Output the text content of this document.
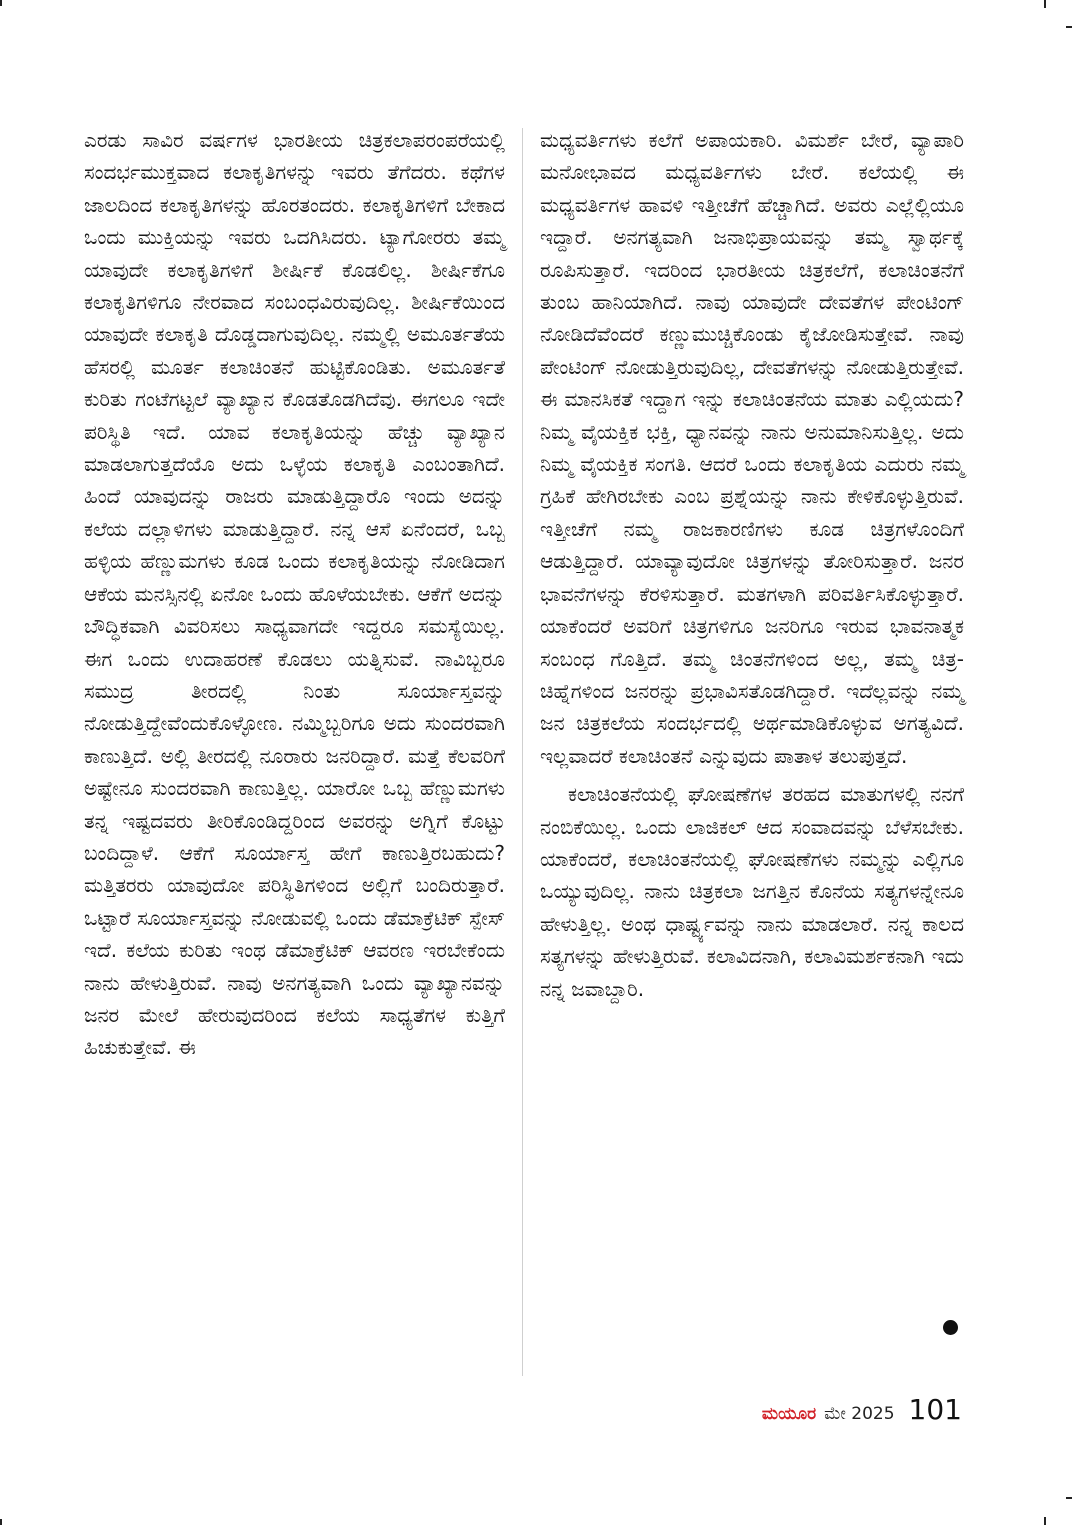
ಎರಡು ಸಾವಿರ ವರ್ಷಗಳ ಭಾರತೀಯ ಚಿತ್ರಕಲಾಪರಂಪರೆಯಲ್ಲಿ ಸಂದರ್ಭಮುಕ್ತವಾದ ಕಲಾಕೃತಿಗಳನ್ನು ಇವರು ತೆಗೆದರು. ಕಥೆಗಳ ಜಾಲದಿಂದ ಕಲಾಕೃತಿಗಳನ್ನು ಹೊರತಂದರು. ಕಲಾಕೃತಿಗಳಿಗೆ ಬೇಕಾದ ಒಂದು ಮುಕ್ತಿಯನ್ನು ಇವರು ಒದಗಿಸಿದರು. ಟ್ಯಾಗೋರರು ತಮ್ಮ ಯಾವುದೇ ಕಲಾಕೃತಿಗಳಿಗೆ ಶೀರ್ಷಿಕೆ ಕೊಡಲಿಲ್ಲ. ಶೀರ್ಷಿಕೆಗೂ ಕಲಾಕೃತಿಗಳಿಗೂ ನೇರವಾದ ಸಂಬಂಧವಿರುವುದಿಲ್ಲ. ಶೀರ್ಷಿಕೆಯಿಂದ ಯಾವುದೇ ಕಲಾಕೃತಿ ದೊಡ್ಡದಾಗುವುದಿಲ್ಲ. ನಮ್ಮಲ್ಲಿ ಅಮೂರ್ತತೆಯ ಹೆಸರಲ್ಲಿ ಮೂರ್ತ ಕಲಾಚಿಂತನೆ ಹುಟ್ಟಿಕೊಂಡಿತು. ಅಮೂರ್ತತೆ ಕುರಿತು ಗಂಟೆಗಟ್ಟಲೆ ವ್ಯಾಖ್ಯಾನ ಕೊಡತೊಡಗಿದೆವು. ಈಗಲೂ ಇದೇ ಪರಿಸ್ಥಿತಿ ಇದೆ. ಯಾವ ಕಲಾಕೃತಿಯನ್ನು ಹೆಚ್ಚು ವ್ಯಾಖ್ಯಾನ ಮಾಡಲಾಗುತ್ತದೆಯೊ ಅದು ಒಳ್ಳೆಯ ಕಲಾಕೃತಿ ಎಂಬಂತಾಗಿದೆ. ಹಿಂದೆ ಯಾವುದನ್ನು ರಾಜರು ಮಾಡುತ್ತಿದ್ದಾರೊ ಇಂದು ಅದನ್ನು ಕಲೆಯ ದಲ್ಲಾಳಿಗಳು ಮಾಡುತ್ತಿದ್ದಾರೆ. ನನ್ನ ಆಸೆ ಏನೆಂದರೆ, ಒಬ್ಬ ಹಳ್ಳಿಯ ಹೆಣ್ಣುಮಗಳು ಕೂಡ ಒಂದು ಕಲಾಕೃತಿಯನ್ನು ನೋಡಿದಾಗ ಆಕೆಯ ಮನಸ್ಸಿನಲ್ಲಿ ಏನೋ ಒಂದು ಹೊಳೆಯಬೇಕು. ಆಕೆಗೆ ಅದನ್ನು ಬೌದ್ಧಿಕವಾಗಿ ವಿವರಿಸಲು ಸಾಧ್ಯವಾಗದೇ ಇದ್ದರೂ ಸಮಸ್ಯೆಯಿಲ್ಲ. ಈಗ ಒಂದು ಉದಾಹರಣೆ ಕೊಡಲು ಯತ್ನಿಸುವೆ. ನಾವಿಬ್ಬರೂ ಸಮುದ್ರ ತೀರದಲ್ಲಿ ನಿಂತು ಸೂರ್ಯಾಸ್ತವನ್ನು ನೋಡುತ್ತಿದ್ದೇವೆಂದುಕೊಳ್ಳೋಣ. ನಮ್ಮಿಬ್ಬರಿಗೂ ಅದು ಸುಂದರವಾಗಿ ಕಾಣುತ್ತಿದೆ. ಅಲ್ಲಿ ತೀರದಲ್ಲಿ ನೂರಾರು ಜನರಿದ್ದಾರೆ. ಮತ್ತೆ ಕೆಲವರಿಗೆ ಅಷ್ಟೇನೂ ಸುಂದರವಾಗಿ ಕಾಣುತ್ತಿಲ್ಲ. ಯಾರೋ ಒಬ್ಬ ಹೆಣ್ಣುಮಗಳು ತನ್ನ ಇಷ್ಟದವರು ತೀರಿಕೊಂಡಿದ್ದರಿಂದ ಅವರನ್ನು ಅಗ್ನಿಗೆ ಕೊಟ್ಟು ಬಂದಿದ್ದಾಳೆ. ಆಕೆಗೆ ಸೂರ್ಯಾಸ್ತ ಹೇಗೆ ಕಾಣುತ್ತಿರಬಹುದು? ಮತ್ತಿತರರು ಯಾವುದೋ ಪರಿಸ್ಥಿತಿಗಳಿಂದ ಅಲ್ಲಿಗೆ ಬಂದಿರುತ್ತಾರೆ. ಒಟ್ಟಾರೆ ಸೂರ್ಯಾಸ್ತವನ್ನು ನೋಡುವಲ್ಲಿ ಒಂದು ಡೆಮಾಕ್ರೆಟಿಕ್ ಸ್ಪೇಸ್ ಇದೆ. ಕಲೆಯ ಕುರಿತು ಇಂಥ ಡೆಮಾಕ್ರೆಟಿಕ್ ಆವರಣ ಇರಬೇಕೆಂದು ನಾನು ಹೇಳುತ್ತಿರುವೆ. ನಾವು ಅನಗತ್ಯವಾಗಿ ಒಂದು ವ್ಯಾಖ್ಯಾನವನ್ನು ಜನರ ಮೇಲೆ ಹೇರುವುದರಿಂದ ಕಲೆಯ ಸಾಧ್ಯತೆಗಳ ಕುತ್ತಿಗೆ ಹಿಚುಕುತ್ತೇವೆ. ಈ

ಮಧ್ಯವರ್ತಿಗಳು ಕಲೆಗೆ ಅಪಾಯಕಾರಿ. ವಿಮರ್ಶೆ ಬೇರೆ, ವ್ಯಾಪಾರಿ ಮನೋಭಾವದ ಮಧ್ಯವರ್ತಿಗಳು ಬೇರೆ. ಕಲೆಯಲ್ಲಿ ಈ ಮಧ್ಯವರ್ತಿಗಳ ಹಾವಳಿ ಇತ್ತೀಚೆಗೆ ಹೆಚ್ಚಾಗಿದೆ. ಅವರು ಎಲ್ಲೆಲ್ಲಿಯೂ ಇದ್ದಾರೆ. ಅನಗತ್ಯವಾಗಿ ಜನಾಭಿಪ್ರಾಯವನ್ನು ತಮ್ಮ ಸ್ವಾರ್ಥಕ್ಕೆ ರೂಪಿಸುತ್ತಾರೆ. ಇದರಿಂದ ಭಾರತೀಯ ಚಿತ್ರಕಲೆಗೆ, ಕಲಾಚಿಂತನೆಗೆ ತುಂಬ ಹಾನಿಯಾಗಿದೆ. ನಾವು ಯಾವುದೇ ದೇವತೆಗಳ ಪೇಂಟಿಂಗ್ ನೋಡಿದೆವೆಂದರೆ ಕಣ್ಣುಮುಚ್ಚಿಕೊಂಡು ಕೈಜೋಡಿಸುತ್ತೇವೆ. ನಾವು ಪೇಂಟಿಂಗ್ ನೋಡುತ್ತಿರುವುದಿಲ್ಲ, ದೇವತೆಗಳನ್ನು ನೋಡುತ್ತಿರುತ್ತೇವೆ. ಈ ಮಾನಸಿಕತೆ ಇದ್ದಾಗ ಇನ್ನು ಕಲಾಚಿಂತನೆಯ ಮಾತು ಎಲ್ಲಿಯದು? ನಿಮ್ಮ ವೈಯಕ್ತಿಕ ಭಕ್ತಿ, ಧ್ಯಾನವನ್ನು ನಾನು ಅನುಮಾನಿಸುತ್ತಿಲ್ಲ. ಅದು ನಿಮ್ಮ ವೈಯಕ್ತಿಕ ಸಂಗತಿ. ಆದರೆ ಒಂದು ಕಲಾಕೃತಿಯ ಎದುರು ನಮ್ಮ ಗ್ರಹಿಕೆ ಹೇಗಿರಬೇಕು ಎಂಬ ಪ್ರಶ್ನೆಯನ್ನು ನಾನು ಕೇಳಿಕೊಳ್ಳುತ್ತಿರುವೆ. ಇತ್ತೀಚೆಗೆ ನಮ್ಮ ರಾಜಕಾರಣಿಗಳು ಕೂಡ ಚಿತ್ರಗಳೊಂದಿಗೆ ಆಡುತ್ತಿದ್ದಾರೆ. ಯಾವ್ಯಾವುದೋ ಚಿತ್ರಗಳನ್ನು ತೋರಿಸುತ್ತಾರೆ. ಜನರ ಭಾವನೆಗಳನ್ನು ಕೆರಳಿಸುತ್ತಾರೆ. ಮತಗಳಾಗಿ ಪರಿವರ್ತಿಸಿಕೊಳ್ಳುತ್ತಾರೆ. ಯಾಕೆಂದರೆ ಅವರಿಗೆ ಚಿತ್ರಗಳಿಗೂ ಜನರಿಗೂ ಇರುವ ಭಾವನಾತ್ಮಕ ಸಂಬಂಧ ಗೊತ್ತಿದೆ. ತಮ್ಮ ಚಿಂತನೆಗಳಿಂದ ಅಲ್ಲ, ತಮ್ಮ ಚಿತ್ರ-ಚಿಹ್ನೆಗಳಿಂದ ಜನರನ್ನು ಪ್ರಭಾವಿಸತೊಡಗಿದ್ದಾರೆ. ಇದೆಲ್ಲವನ್ನು ನಮ್ಮ ಜನ ಚಿತ್ರಕಲೆಯ ಸಂದರ್ಭದಲ್ಲಿ ಅರ್ಥಮಾಡಿಕೊಳ್ಳುವ ಅಗತ್ಯವಿದೆ. ಇಲ್ಲವಾದರೆ ಕಲಾಚಿಂತನೆ ಎನ್ನುವುದು ಪಾತಾಳ ತಲುಪುತ್ತದೆ.

ಕಲಾಚಿಂತನೆಯಲ್ಲಿ ಘೋಷಣೆಗಳ ತರಹದ ಮಾತುಗಳಲ್ಲಿ ನನಗೆ ನಂಬಿಕೆಯಿಲ್ಲ. ಒಂದು ಲಾಜಿಕಲ್ ಆದ ಸಂವಾದವನ್ನು ಬೆಳೆಸಬೇಕು. ಯಾಕೆಂದರೆ, ಕಲಾಚಿಂತನೆಯಲ್ಲಿ ಘೋಷಣೆಗಳು ನಮ್ಮನ್ನು ಎಲ್ಲಿಗೂ ಒಯ್ಯುವುದಿಲ್ಲ. ನಾನು ಚಿತ್ರಕಲಾ ಜಗತ್ತಿನ ಕೊನೆಯ ಸತ್ಯಗಳನ್ನೇನೂ ಹೇಳುತ್ತಿಲ್ಲ. ಅಂಥ ಧಾರ್ಷ್ಟ್ಯವನ್ನು ನಾನು ಮಾಡಲಾರೆ. ನನ್ನ ಕಾಲದ ಸತ್ಯಗಳನ್ನು ಹೇಳುತ್ತಿರುವೆ. ಕಲಾವಿದನಾಗಿ, ಕಲಾವಿಮರ್ಶಕನಾಗಿ ಇದು ನನ್ನ ಜವಾಬ್ದಾರಿ.

ಮಯೂರ ಮೇ 2025 101
